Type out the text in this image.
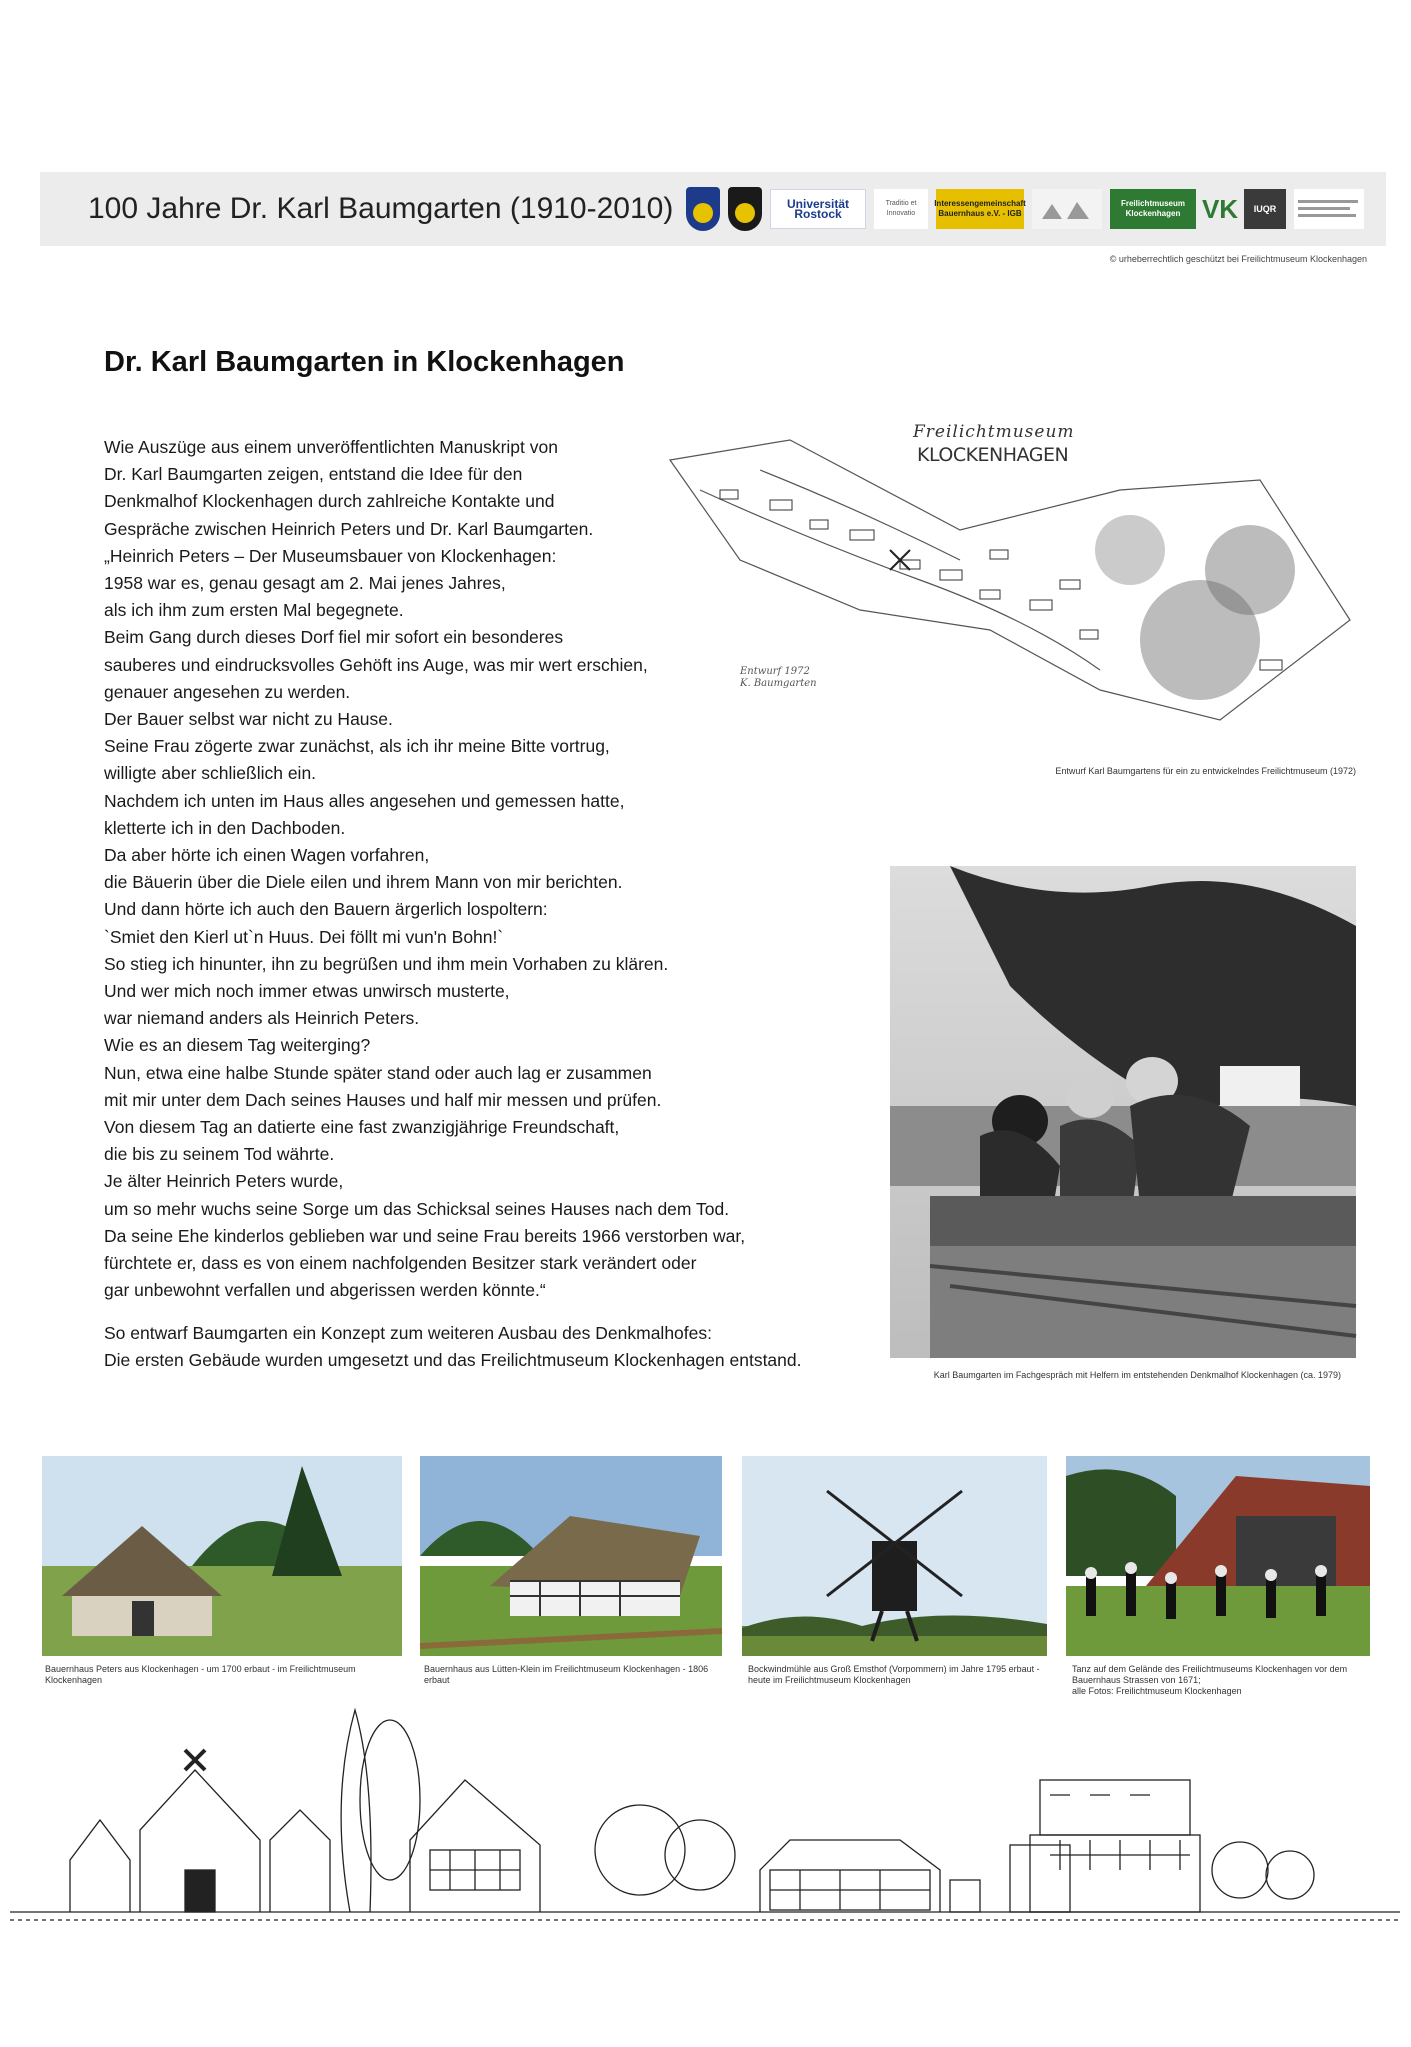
100 Jahre Dr. Karl Baumgarten (1910-2010)	Universität Rostock
Traditio et Innovatio
Interessengemeinschaft Bauernhaus e.V. - IGB
Freilichtmuseum Klockenhagen VK	IUQR
© urheberrechtlich geschützt bei Freilichtmuseum Klockenhagen
Dr. Karl Baumgarten in Klockenhagen
Wie Auszüge aus einem unveröffentlichten Manuskript von
Dr. Karl Baumgarten zeigen, entstand die Idee für den
Denkmalhof Klockenhagen durch zahlreiche Kontakte und
Gespräche zwischen Heinrich Peters und Dr. Karl Baumgarten.
„Heinrich Peters – Der Museumsbauer von Klockenhagen:
1958 war es, genau gesagt am 2. Mai jenes Jahres,
als ich ihm zum ersten Mal begegnete.
Beim Gang durch dieses Dorf fiel mir sofort ein besonderes
sauberes und eindrucksvolles Gehöft ins Auge, was mir wert erschien,
genauer angesehen zu werden.
Der Bauer selbst war nicht zu Hause.
Seine Frau zögerte zwar zunächst, als ich ihr meine Bitte vortrug,
willigte aber schließlich ein.
Nachdem ich unten im Haus alles angesehen und gemessen hatte,
kletterte ich in den Dachboden.
Da aber hörte ich einen Wagen vorfahren,
die Bäuerin über die Diele eilen und ihrem Mann von mir berichten.
Und dann hörte ich auch den Bauern ärgerlich lospoltern:
`Smiet den Kierl ut`n Huus. Dei föllt mi vun'n Bohn!`
So stieg ich hinunter, ihn zu begrüßen und ihm mein Vorhaben zu klären.
Und wer mich noch immer etwas unwirsch musterte,
war niemand anders als Heinrich Peters.
Wie es an diesem Tag weiterging?
Nun, etwa eine halbe Stunde später stand oder auch lag er zusammen
mit mir unter dem Dach seines Hauses und half mir messen und prüfen.
Von diesem Tag an datierte eine fast zwanzigjährige Freundschaft,
die bis zu seinem Tod währte.
Je älter Heinrich Peters wurde,
um so mehr wuchs seine Sorge um das Schicksal seines Hauses nach dem Tod.
Da seine Ehe kinderlos geblieben war und seine Frau bereits 1966 verstorben war,
fürchtete er, dass es von einem nachfolgenden Besitzer stark verändert oder
gar unbewohnt verfallen und abgerissen werden könnte.“
So entwarf Baumgarten ein Konzept zum weiteren Ausbau des Denkmalhofes:
Die ersten Gebäude wurden umgesetzt und das Freilichtmuseum Klockenhagen entstand.
Freilichtmuseum
KLOCKENHAGEN
Entwurf 1972
K. Baumgarten
Entwurf Karl Baumgartens für ein zu entwickelndes Freilichtmuseum (1972)
Karl Baumgarten im Fachgespräch mit Helfern im entstehenden Denkmalhof Klockenhagen (ca. 1979)
Bauernhaus Peters aus Klockenhagen - um 1700 erbaut - im Freilichtmuseum Klockenhagen
Bauernhaus aus Lütten-Klein im Freilichtmuseum Klockenhagen - 1806 erbaut
Bockwindmühle aus Groß Emsthof (Vorpommern) im Jahre 1795 erbaut - heute im Freilichtmuseum Klockenhagen
Tanz auf dem Gelände des Freilichtmuseums Klockenhagen vor dem Bauernhaus Strassen von 1671;
alle Fotos: Freilichtmuseum Klockenhagen
